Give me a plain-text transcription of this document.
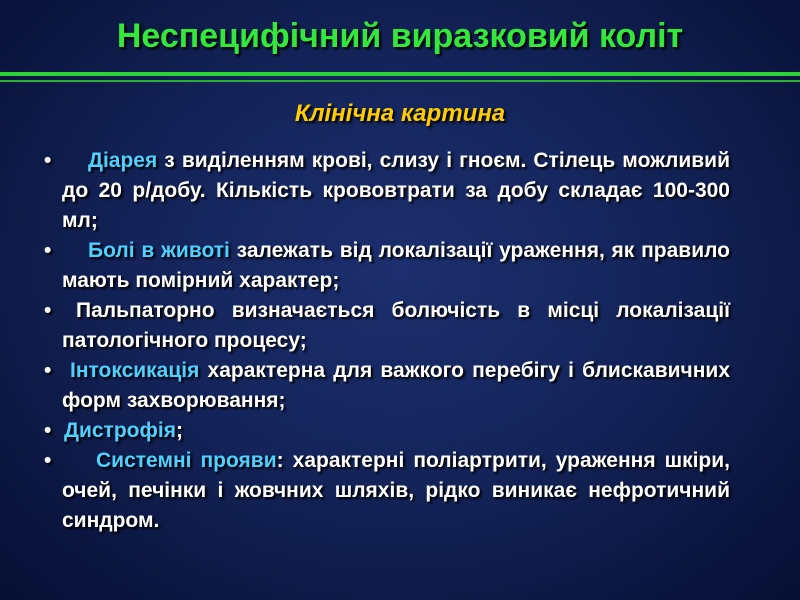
Неспецифічний виразковий коліт
Клінічна картина
• Діарея з виділенням крові, слизу і гноєм. Стілець можливий до 20 р/добу. Кількість крововтрати за добу складає 100-300 мл;
• Болі в животі залежать від локалізації ураження, як правило мають помірний характер;
• Пальпаторно визначається болючість в місці локалізації патологічного процесу;
• Інтоксикація характерна для важкого перебігу і блискавичних форм захворювання;
• Дистрофія;
• Системні прояви: характерні поліартрити, ураження шкіри, очей, печінки і жовчних шляхів, рідко виникає нефротичний синдром.
